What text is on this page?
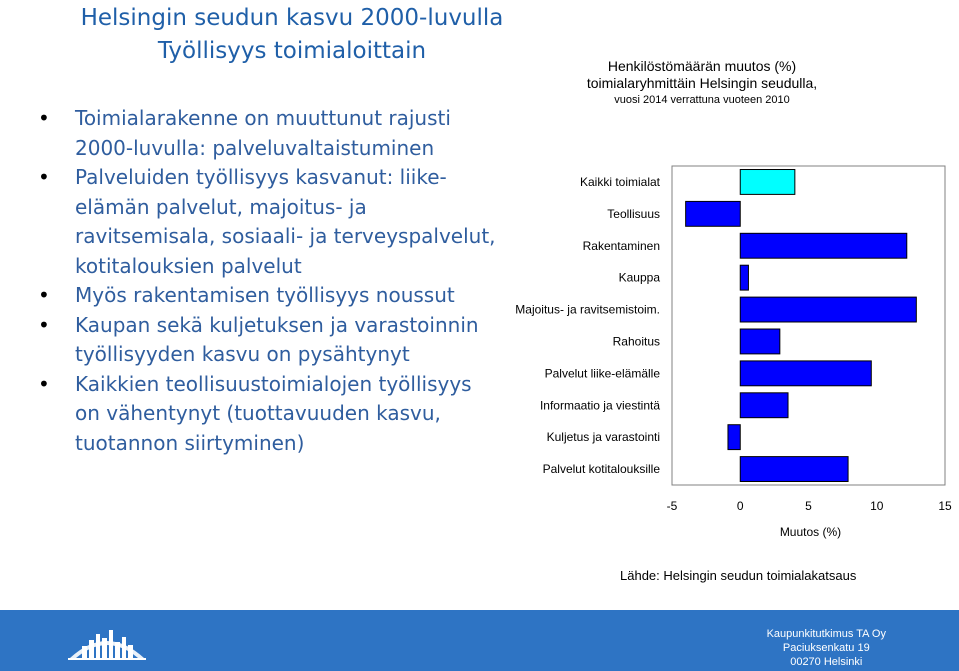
Helsingin seudun kasvu 2000-luvulla
Työllisyys toimialoittain
• Toimialarakenne on muuttunut rajusti 2000-luvulla: palveluvaltaistuminen
• Palveluiden työllisyys kasvanut: liike-elämän palvelut, majoitus- ja ravitsemisala, sosiaali- ja terveyspalvelut, kotitalouksien palvelut
• Myös rakentamisen työllisyys noussut
• Kaupan sekä kuljetuksen ja varastoinnin työllisyyden kasvu on pysähtynyt
• Kaikkien teollisuustoimialojen työllisyys on vähentynyt (tuottavuuden kasvu, tuotannon siirtyminen)
Henkilöstömäärän muutos (%)
toimialaryhmittäin Helsingin seudulla,
vuosi 2014 verrattuna vuoteen 2010
Kaikki toimialat
Teollisuus
Rakentaminen
Kauppa
Majoitus- ja ravitsemistoim.
Rahoitus
Palvelut liike-elämälle
Informaatio ja viestintä
Kuljetus ja varastointi
Palvelut kotitalouksille
-5	0	5	10	15
Muutos (%)
Lähde: Helsingin seudun toimialakatsaus
Kaupunkitutkimus TA Oy
Paciuksenkatu 19
00270 Helsinki
